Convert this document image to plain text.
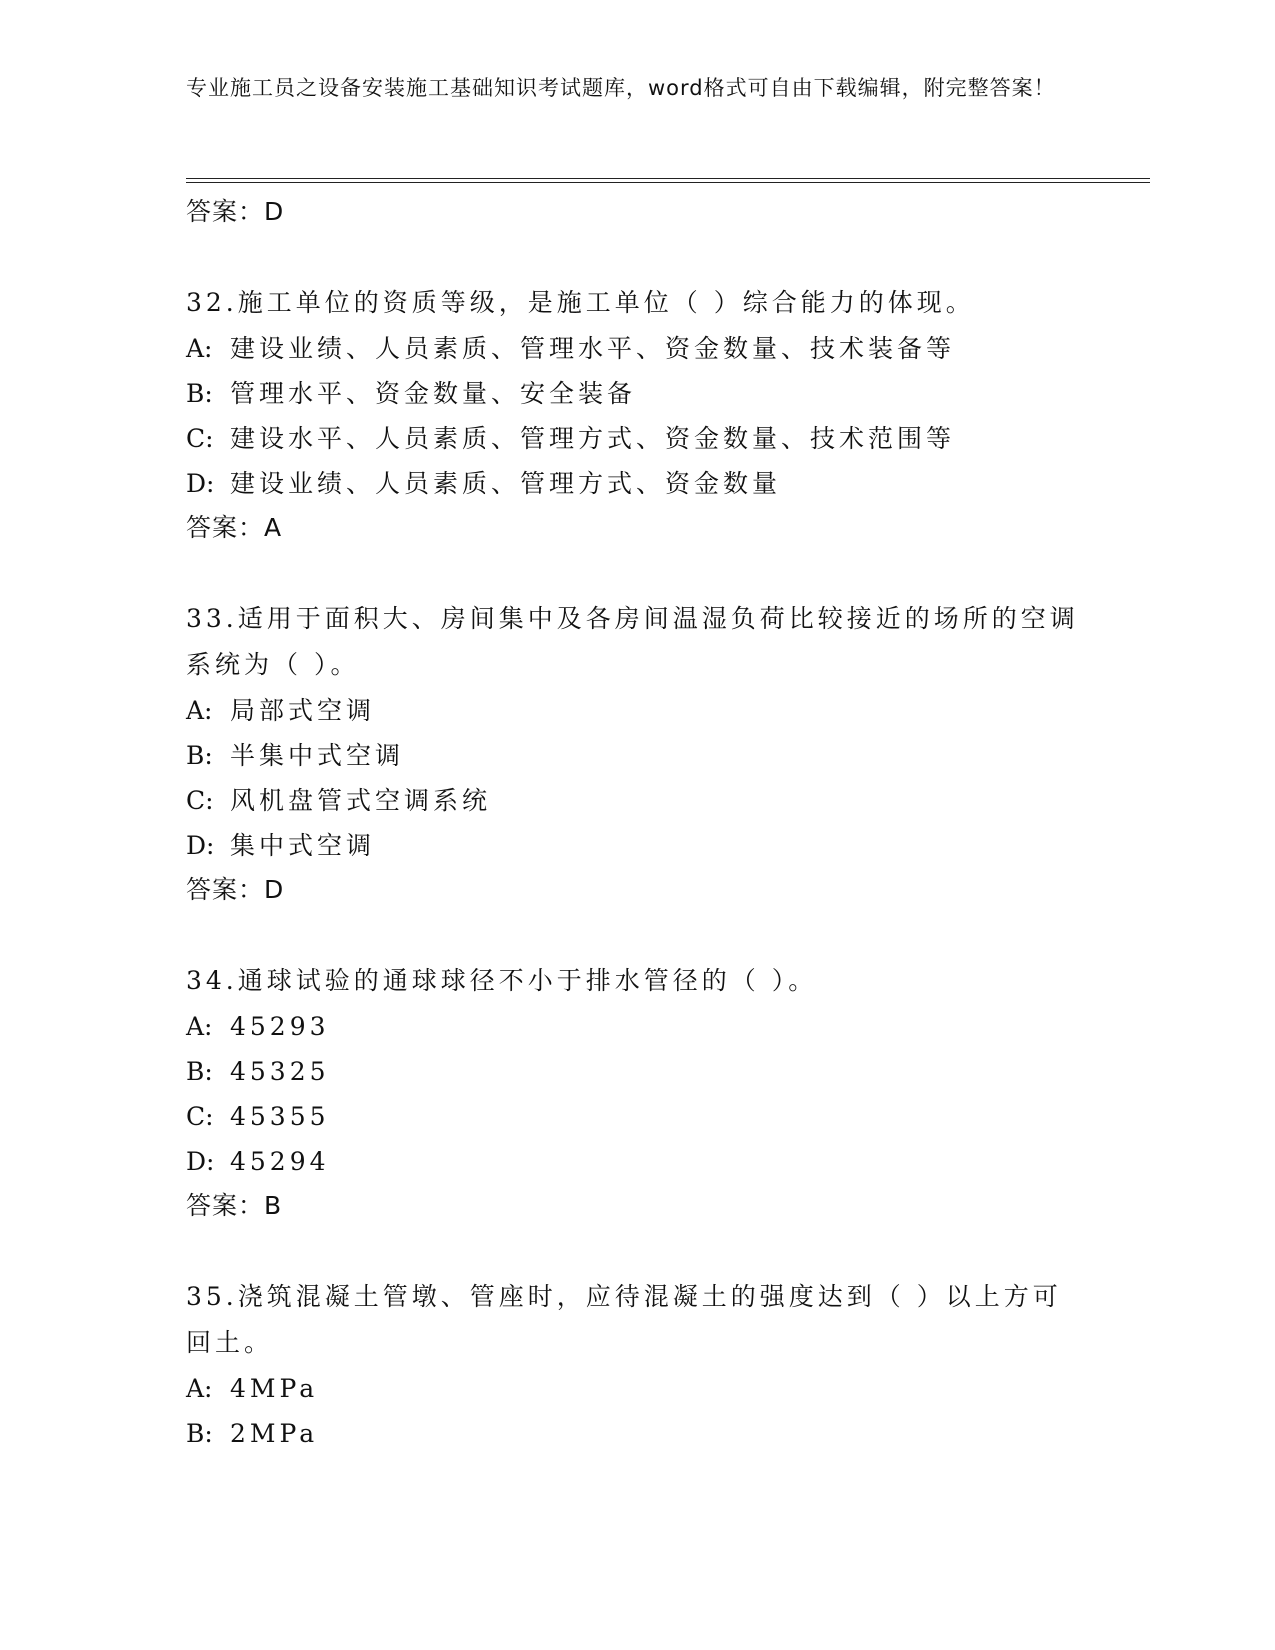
专业施工员之设备安装施工基础知识考试题库，word格式可自由下载编辑，附完整答案！

答案：D

32.施工单位的资质等级，是施工单位（ ）综合能力的体现。

A: 建设业绩、人员素质、管理水平、资金数量、技术装备等

B: 管理水平、资金数量、安全装备

C: 建设水平、人员素质、管理方式、资金数量、技术范围等

D: 建设业绩、人员素质、管理方式、资金数量

答案：A

33.适用于面积大、房间集中及各房间温湿负荷比较接近的场所的空调系统为（ ）。

A: 局部式空调

B: 半集中式空调

C: 风机盘管式空调系统

D: 集中式空调

答案：D

34.通球试验的通球球径不小于排水管径的（ ）。

A: 45293

B: 45325

C: 45355

D: 45294

答案：B

35.浇筑混凝土管墩、管座时，应待混凝土的强度达到（ ）以上方可回土。

A: 4MPa

B: 2MPa
